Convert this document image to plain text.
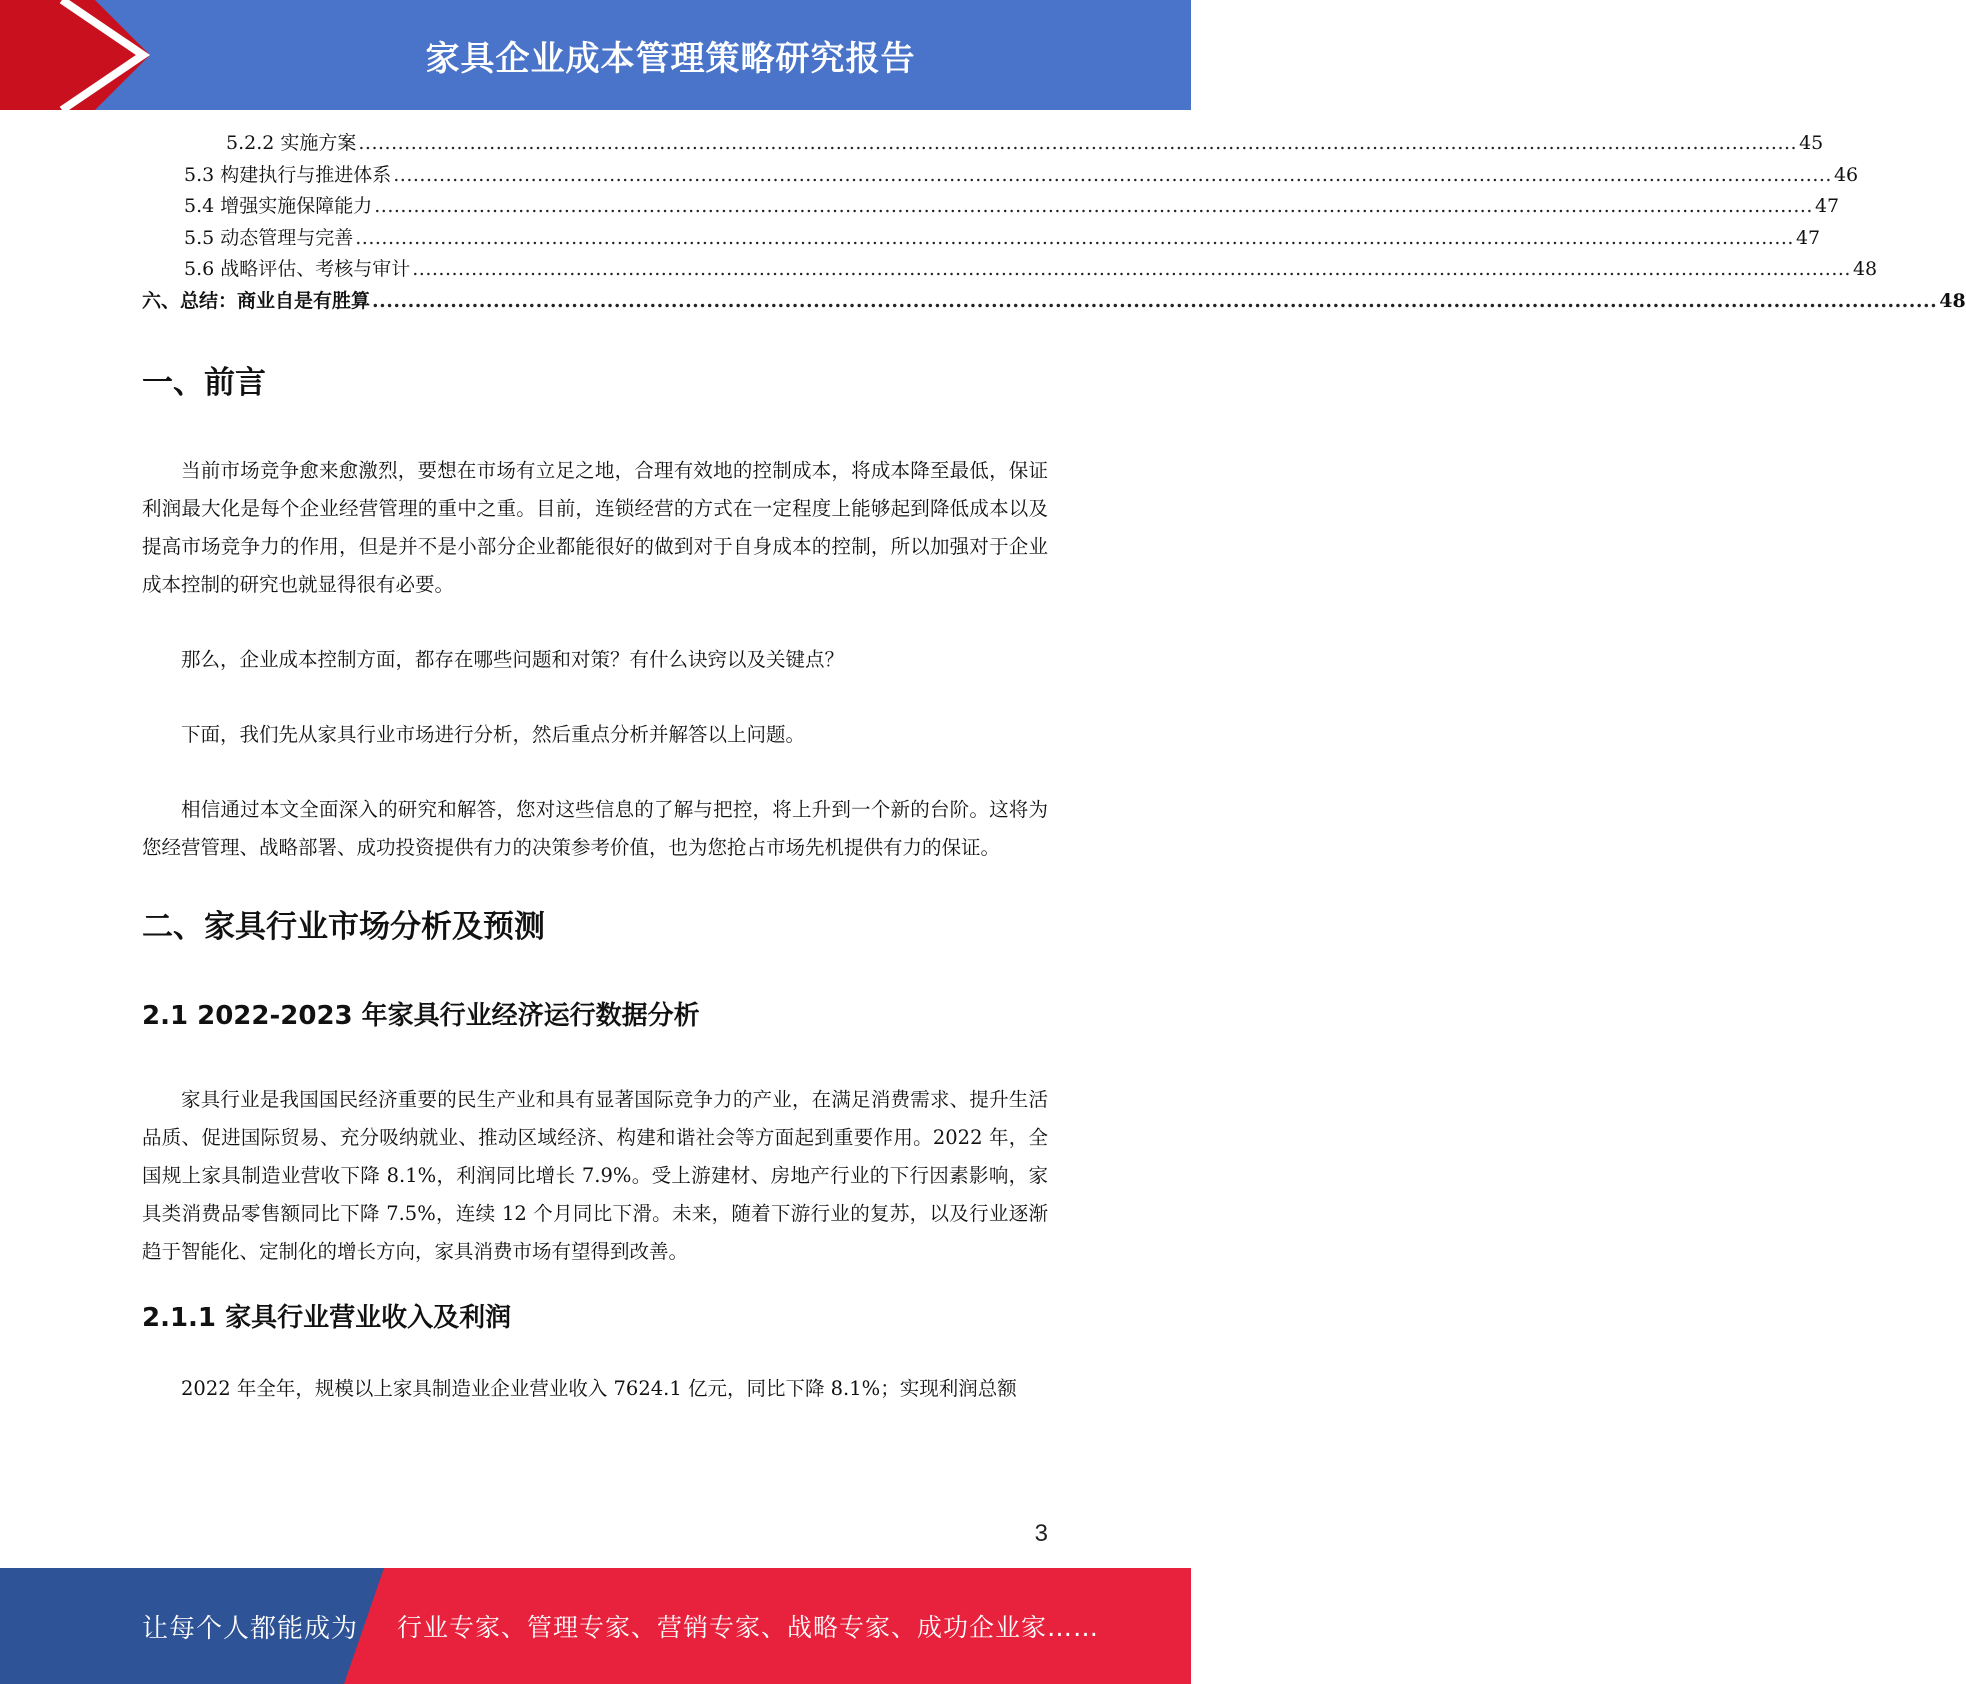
家具企业成本管理策略研究报告
5.2.2 实施方案 ............................................................................................................................................................................................................................ 45
5.3 构建执行与推进体系 ............................................................................................................................................................................................................................ 46
5.4 增强实施保障能力 ............................................................................................................................................................................................................................ 47
5.5 动态管理与完善 ............................................................................................................................................................................................................................ 47
5.6 战略评估、考核与审计 ............................................................................................................................................................................................................................ 48
六、总结：商业自是有胜算 ............................................................................................................................................................................................................................ 48
一、前言

当前市场竞争愈来愈激烈，要想在市场有立足之地，合理有效地的控制成本，将成本降至最低，保证利润最大化是每个企业经营管理的重中之重。目前，连锁经营的方式在一定程度上能够起到降低成本以及提高市场竞争力的作用，但是并不是小部分企业都能很好的做到对于自身成本的控制，所以加强对于企业成本控制的研究也就显得很有必要。

那么，企业成本控制方面，都存在哪些问题和对策？有什么诀窍以及关键点？

下面，我们先从家具行业市场进行分析，然后重点分析并解答以上问题。

相信通过本文全面深入的研究和解答，您对这些信息的了解与把控，将上升到一个新的台阶。这将为您经营管理、战略部署、成功投资提供有力的决策参考价值，也为您抢占市场先机提供有力的保证。

二、家具行业市场分析及预测
2.1 2022-2023 年家具行业经济运行数据分析

家具行业是我国国民经济重要的民生产业和具有显著国际竞争力的产业，在满足消费需求、提升生活品质、促进国际贸易、充分吸纳就业、推动区域经济、构建和谐社会等方面起到重要作用。2022 年，全国规上家具制造业营收下降 8.1%，利润同比增长 7.9%。受上游建材、房地产行业的下行因素影响，家具类消费品零售额同比下降 7.5%，连续 12 个月同比下滑。未来，随着下游行业的复苏，以及行业逐渐趋于智能化、定制化的增长方向，家具消费市场有望得到改善。

2.1.1 家具行业营业收入及利润

2022 年全年，规模以上家具制造业企业营业收入 7624.1 亿元，同比下降 8.1%；实现利润总额

3
让每个人都能成为 行业专家、管理专家、营销专家、战略专家、成功企业家……
